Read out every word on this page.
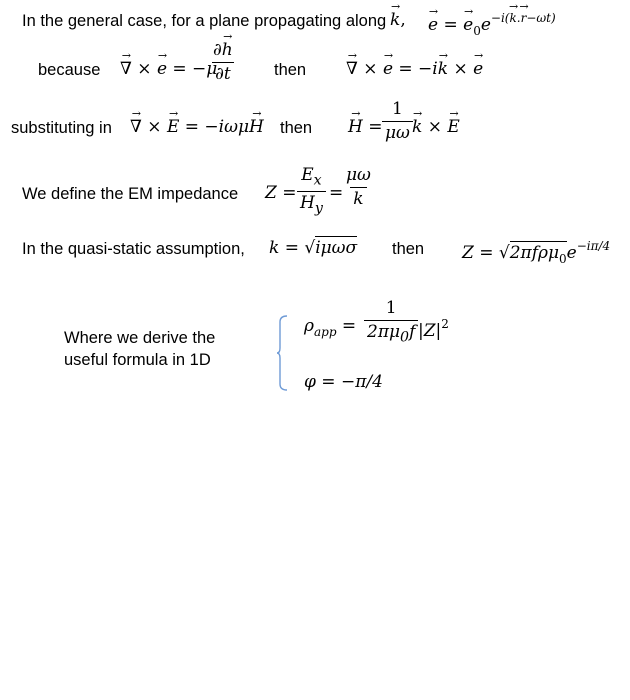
In the general case, for a plane propagating along k →, e → = $e \to_0e^{-i(k \to.r \to-\omega t)}$
because ∇ → × e → = −μ
$\frac{\partial h \to}{\partial t}$ then ∇ → × e → = −ik → × e →
substituting in ∇ → × E → = −iωμH → then H → = $\frac{1}{\mu\omega}$ k → × E →
We define the EM impedance $Z = \frac{E_x}{H_y} = \frac{\mu\omega}{k}$
In the quasi-static assumption, k = √iμωσ then $Z = √2\pi f\rho\mu_0e^{-i\pi/4}$
Where we derive the
useful formula in 1D
$\rho_{app} = \frac{1}{2\pi\mu_0f} |Z|^2$
φ = −π/4
